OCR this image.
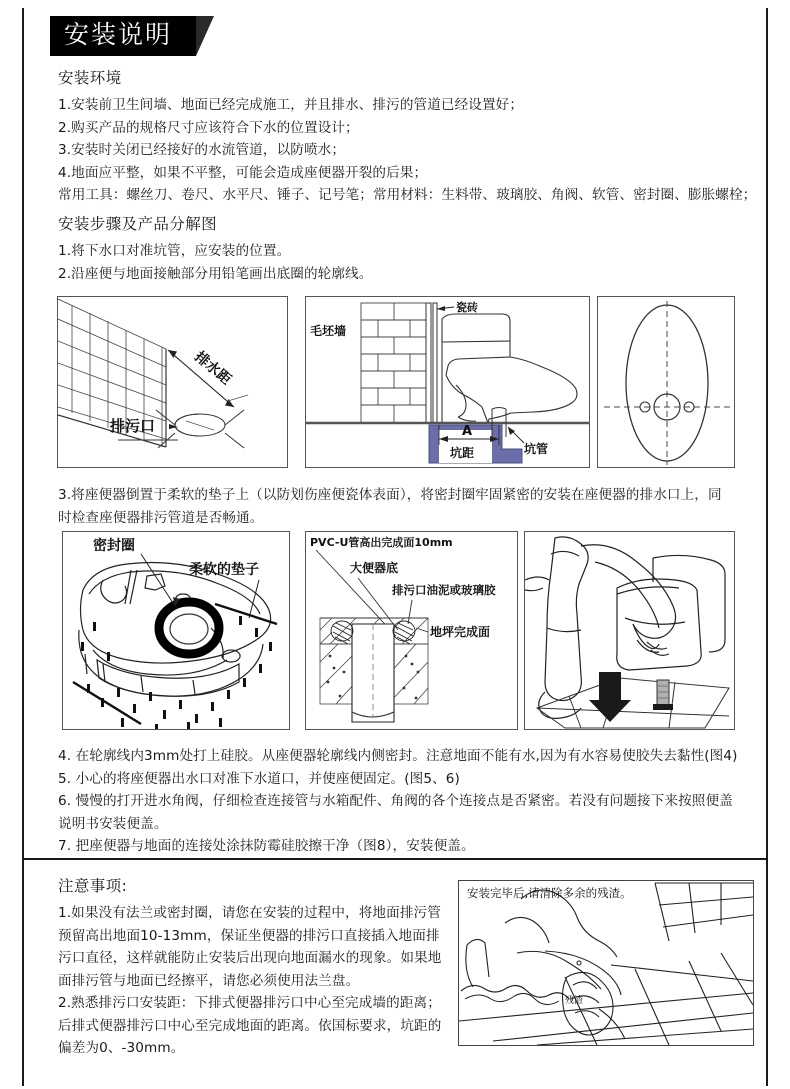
安装说明
安装环境
1.安装前卫生间墙、地面已经完成施工，并且排水、排污的管道已经设置好；
2.购买产品的规格尺寸应该符合下水的位置设计；
3.安装时关闭已经接好的水流管道，以防喷水；
4.地面应平整，如果不平整，可能会造成座便器开裂的后果；
常用工具：螺丝刀、卷尺、水平尺、锤子、记号笔；常用材料：生料带、玻璃胶、角阀、软管、密封圈、膨胀螺栓；
安装步骤及产品分解图
1.将下水口对准坑管，应安装的位置。
2.沿座便与地面接触部分用铅笔画出底圈的轮廓线。
排水距
排污口
瓷砖
毛坯墙
A
坑距	坑管
3.将座便器倒置于柔软的垫子上（以防划伤座便瓷体表面），将密封圈牢固紧密的安装在座便器的排水口上，同
时检查座便器排污管道是否畅通。
密封圈
柔软的垫子
PVC-U管高出完成面10mm
大便器底
排污口油泥或玻璃胶
地坪完成面
4. 在轮廓线内3mm处打上硅胶。从座便器轮廓线内侧密封。注意地面不能有水,因为有水容易使胶失去黏性(图4)
5. 小心的将座便器出水口对准下水道口，并使座便固定。(图5、6)
6. 慢慢的打开进水角阀，仔细检查连接管与水箱配件、角阀的各个连接点是否紧密。若没有问题接下来按照便盖
说明书安装便盖。
7. 把座便器与地面的连接处涂抹防霉硅胶擦干净（图8），安装便盖。
注意事项:
1.如果没有法兰或密封圈，请您在安装的过程中，将地面排污管
预留高出地面10-13mm，保证坐便器的排污口直接插入地面排
污口直径，这样就能防止安装后出现向地面漏水的现象。如果地
面排污管与地面已经擦平，请您必须使用法兰盘。
2.熟悉排污口安装距：下排式便器排污口中心至完成墙的距离；
后排式便器排污口中心至完成地面的距离。依国标要求，坑距的
偏差为0、-30mm。
安装完毕后,请清除多余的残渣。
残渣
